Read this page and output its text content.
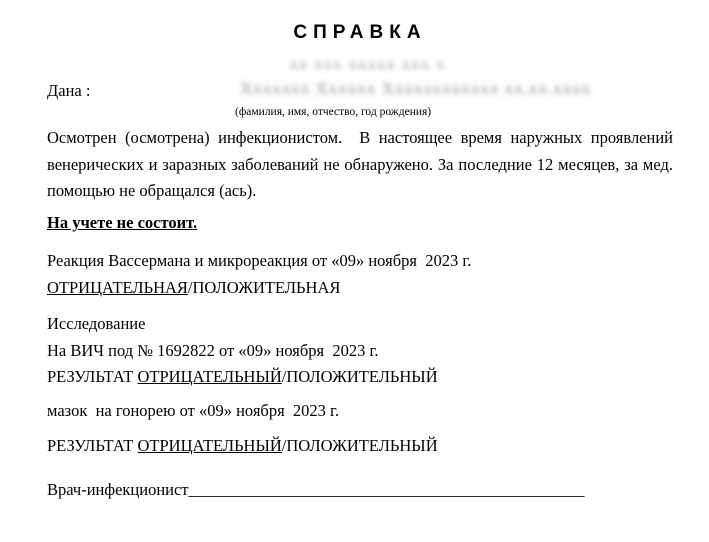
СПРАВКА
xx xxx xxxxx xxx x
Дана :	Xxxxxxx Xxxxxx Xxxxxxxxxxxx xx.xx.xxxx
(фамилия, имя, отчество, год рождения)

Осмотрен (осмотрена) инфекционистом.  В настоящее время наружных проявлений венерических и заразных заболеваний не обнаружено. За последние 12 месяцев, за мед. помощью не обращался (ась).

На учете не состоит.

Реакция Вассермана и микрореакция от «09» ноября  2023 г.

ОТРИЦАТЕЛЬНАЯ/ПОЛОЖИТЕЛЬНАЯ

Исследование

На ВИЧ под № 1692822 от «09» ноября  2023 г.

РЕЗУЛЬТАТ ОТРИЦАТЕЛЬНЫЙ/ПОЛОЖИТЕЛЬНЫЙ

мазок  на гонорею от «09» ноября  2023 г.

РЕЗУЛЬТАТ ОТРИЦАТЕЛЬНЫЙ/ПОЛОЖИТЕЛЬНЫЙ

Врач-инфекционист________________________________________________
